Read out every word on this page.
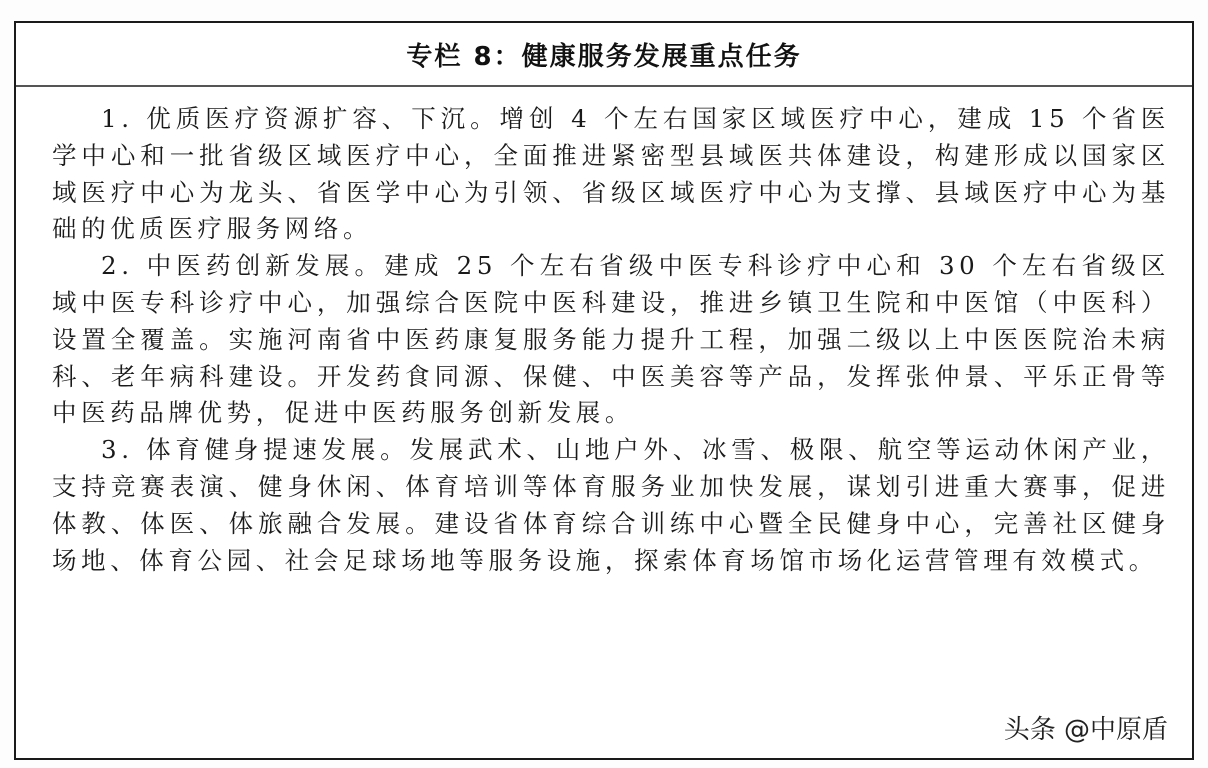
专栏 8：健康服务发展重点任务

1. 优质医疗资源扩容、下沉。增创 4 个左右国家区域医疗中心，建成 15 个省医学中心和一批省级区域医疗中心，全面推进紧密型县域医共体建设，构建形成以国家区域医疗中心为龙头、省医学中心为引领、省级区域医疗中心为支撑、县域医疗中心为基础的优质医疗服务网络。

2. 中医药创新发展。建成 25 个左右省级中医专科诊疗中心和 30 个左右省级区域中医专科诊疗中心，加强综合医院中医科建设，推进乡镇卫生院和中医馆（中医科）设置全覆盖。实施河南省中医药康复服务能力提升工程，加强二级以上中医医院治未病科、老年病科建设。开发药食同源、保健、中医美容等产品，发挥张仲景、平乐正骨等中医药品牌优势，促进中医药服务创新发展。

3. 体育健身提速发展。发展武术、山地户外、冰雪、极限、航空等运动休闲产业，支持竞赛表演、健身休闲、体育培训等体育服务业加快发展，谋划引进重大赛事，促进体教、体医、体旅融合发展。建设省体育综合训练中心暨全民健身中心，完善社区健身场地、体育公园、社会足球场地等服务设施，探索体育场馆市场化运营管理有效模式。

头条 @中原盾
